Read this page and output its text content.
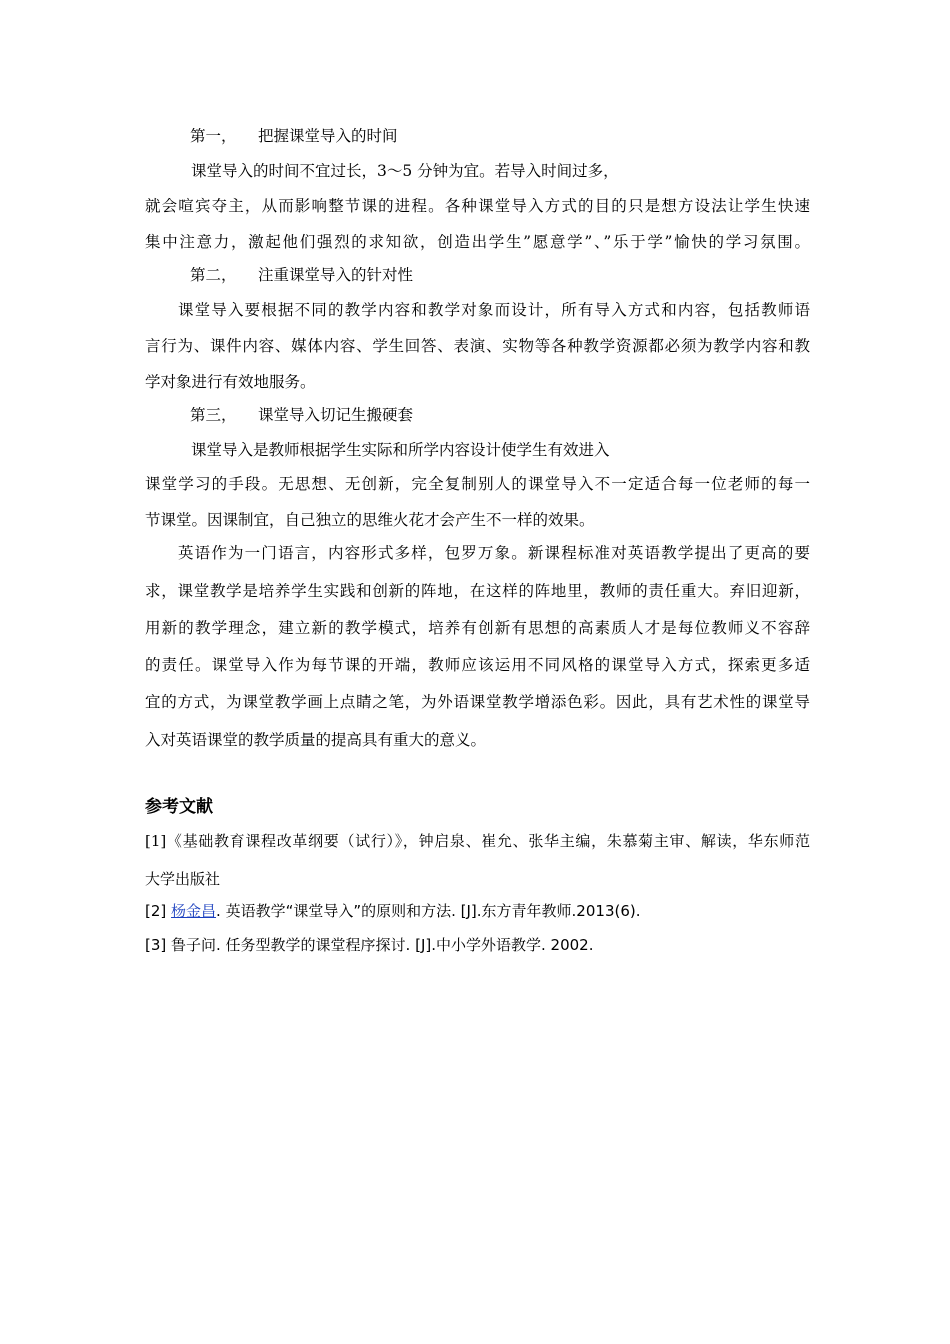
第一， 把握课堂导入的时间
课堂导入的时间不宜过长，3～5 分钟为宜。若导入时间过多，
就会喧宾夺主，从而影响整节课的进程。各种课堂导入方式的目的只是想方设法让学生快速
集中注意力，激起他们强烈的求知欲，创造出学生”愿意学”、”乐于学”愉快的学习氛围。
第二， 注重课堂导入的针对性
课堂导入要根据不同的教学内容和教学对象而设计，所有导入方式和内容，包括教师语
言行为、课件内容、媒体内容、学生回答、表演、实物等各种教学资源都必须为教学内容和教
学对象进行有效地服务。
第三， 课堂导入切记生搬硬套
课堂导入是教师根据学生实际和所学内容设计使学生有效进入
课堂学习的手段。无思想、无创新，完全复制别人的课堂导入不一定适合每一位老师的每一
节课堂。因课制宜，自己独立的思维火花才会产生不一样的效果。
英语作为一门语言，内容形式多样，包罗万象。新课程标准对英语教学提出了更高的要
求，课堂教学是培养学生实践和创新的阵地，在这样的阵地里，教师的责任重大。弃旧迎新，
用新的教学理念，建立新的教学模式，培养有创新有思想的高素质人才是每位教师义不容辞
的责任。课堂导入作为每节课的开端，教师应该运用不同风格的课堂导入方式，探索更多适
宜的方式，为课堂教学画上点睛之笔，为外语课堂教学增添色彩。因此，具有艺术性的课堂导
入对英语课堂的教学质量的提高具有重大的意义。
参考文献
[1]《基础教育课程改革纲要（试行）》，钟启泉、崔允、张华主编，朱慕菊主审、解读，华东师范
大学出版社
[2] 杨金昌. 英语教学“课堂导入”的原则和方法. [J].东方青年教师.2013(6).
[3] 鲁子问. 任务型教学的课堂程序探讨. [J].中小学外语教学. 2002.
